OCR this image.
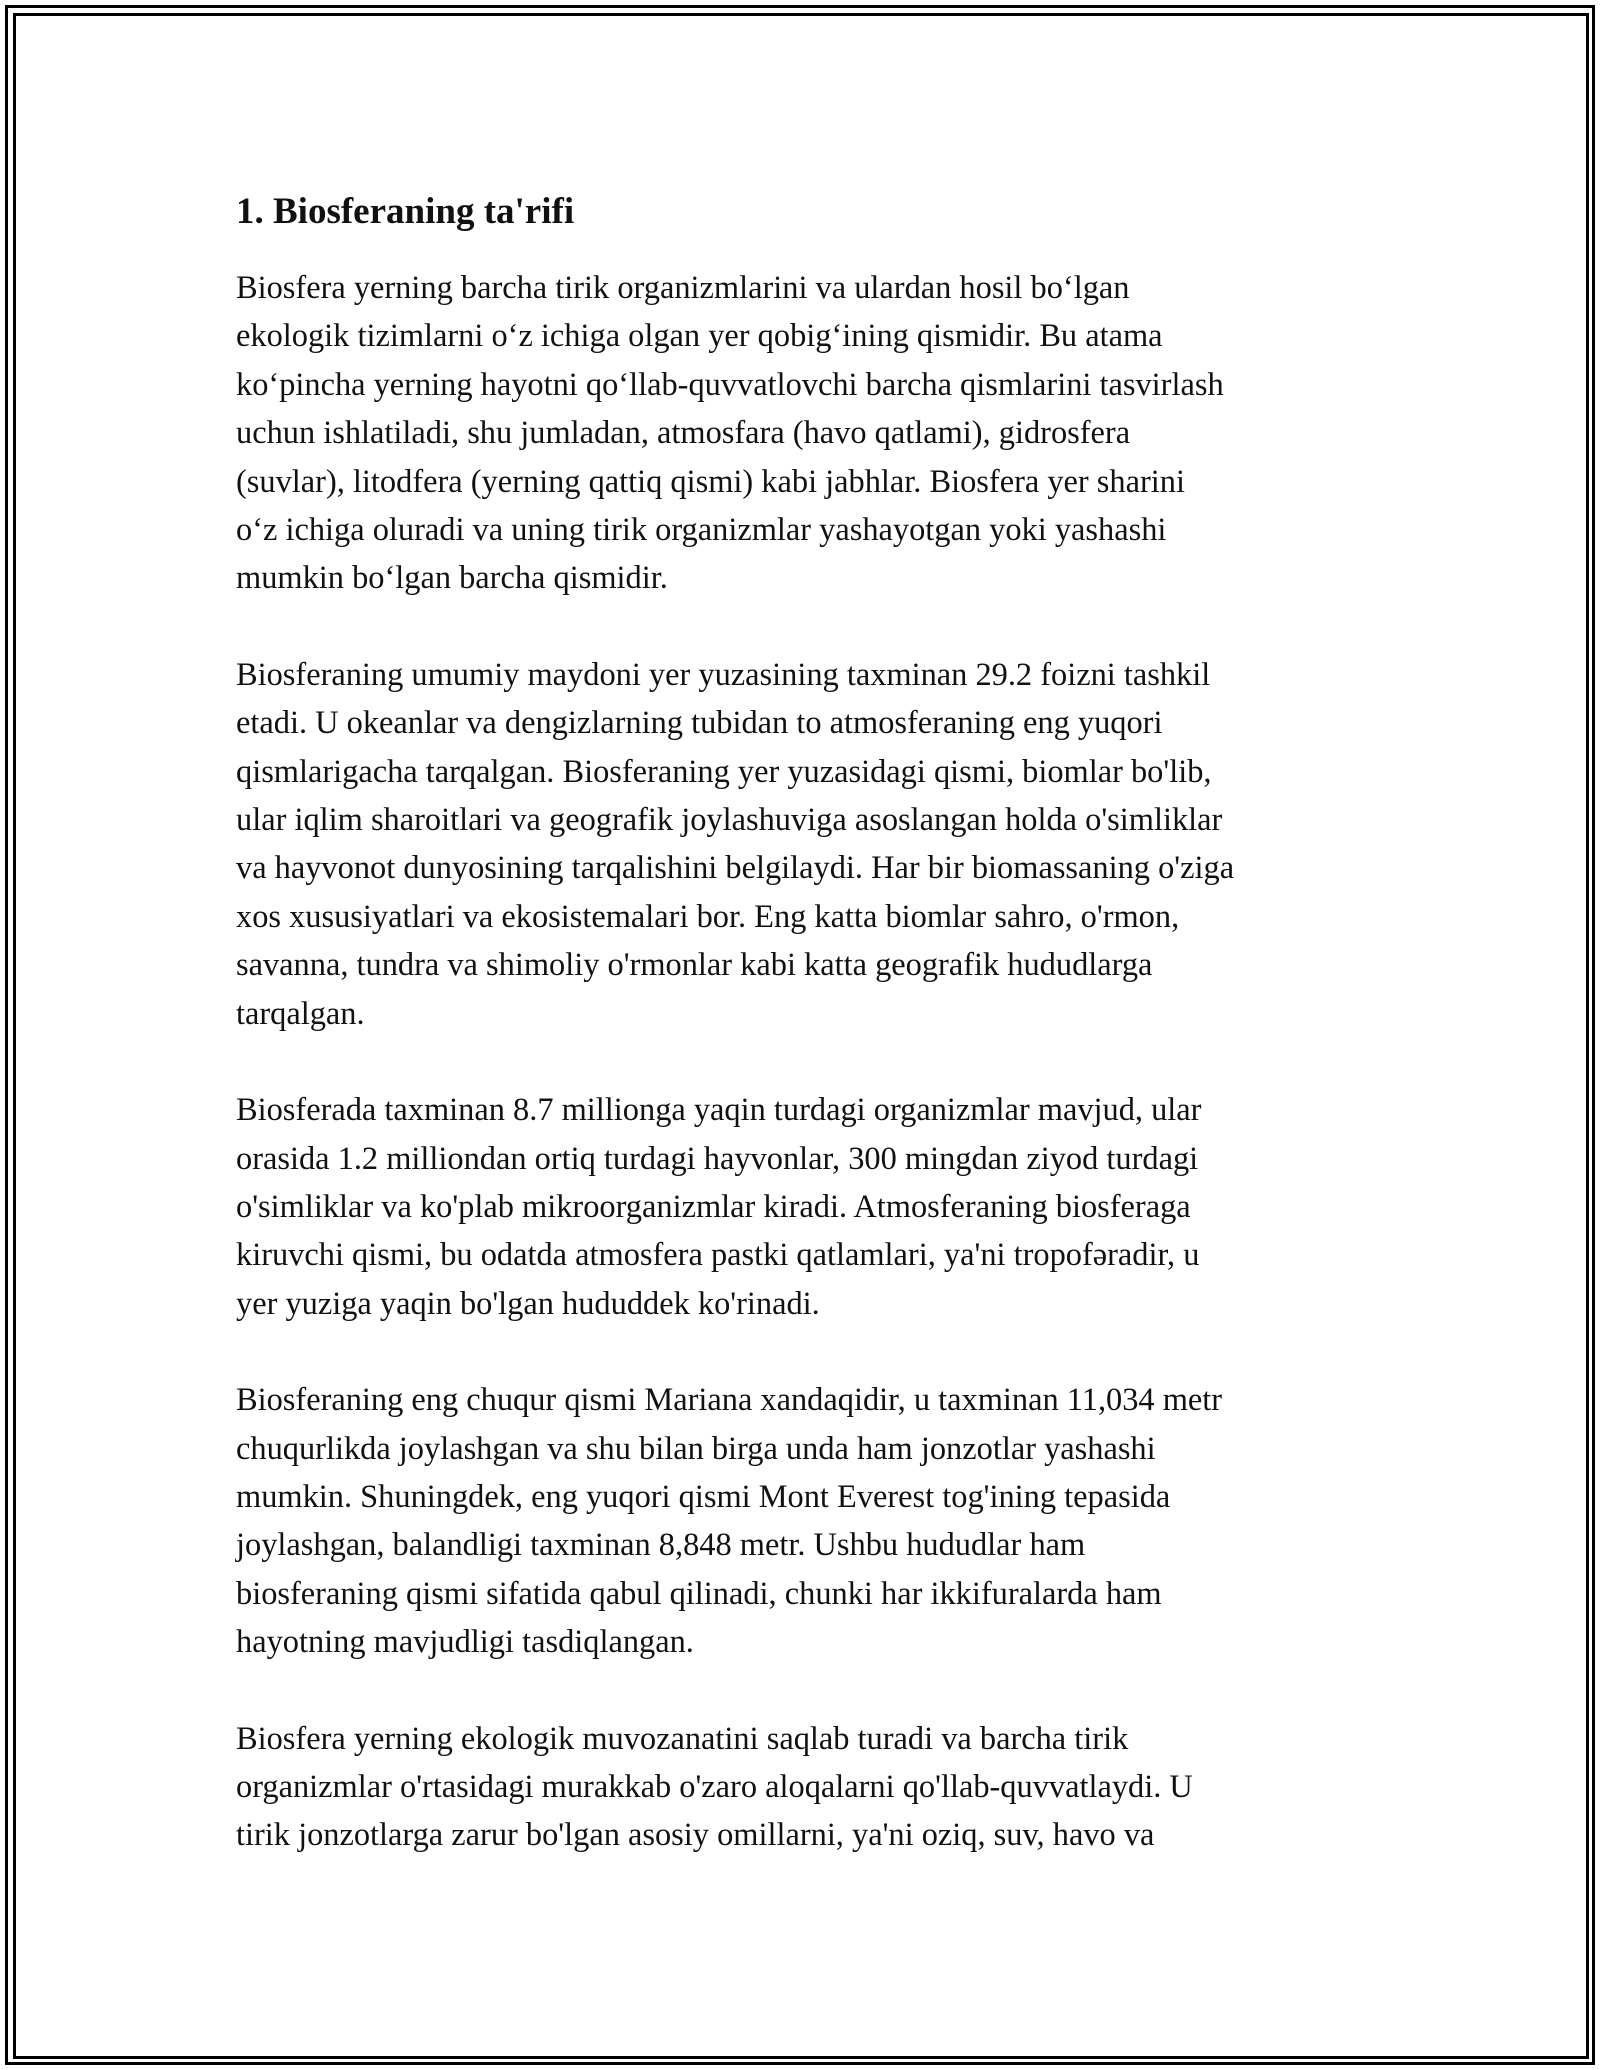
1. Biosferaning ta'rifi

Biosfera yerning barcha tirik organizmlarini va ulardan hosil boʻlgan
ekologik tizimlarni oʻz ichiga olgan yer qobigʻining qismidir. Bu atama
koʻpincha yerning hayotni qoʻllab-quvvatlovchi barcha qismlarini tasvirlash
uchun ishlatiladi, shu jumladan, atmosfara (havo qatlami), gidrosfera
(suvlar), litodfera (yerning qattiq qismi) kabi jabhlar. Biosfera yer sharini
oʻz ichiga oluradi va uning tirik organizmlar yashayotgan yoki yashashi
mumkin boʻlgan barcha qismidir.

Biosferaning umumiy maydoni yer yuzasining taxminan 29.2 foizni tashkil
etadi. U okeanlar va dengizlarning tubidan to atmosferaning eng yuqori
qismlarigacha tarqalgan. Biosferaning yer yuzasidagi qismi, biomlar bo'lib,
ular iqlim sharoitlari va geografik joylashuviga asoslangan holda o'simliklar
va hayvonot dunyosining tarqalishini belgilaydi. Har bir biomassaning o'ziga
xos xususiyatlari va ekosistemalari bor. Eng katta biomlar sahro, o'rmon,
savanna, tundra va shimoliy o'rmonlar kabi katta geografik hududlarga
tarqalgan.

Biosferada taxminan 8.7 millionga yaqin turdagi organizmlar mavjud, ular
orasida 1.2 milliondan ortiq turdagi hayvonlar, 300 mingdan ziyod turdagi
o'simliklar va ko'plab mikroorganizmlar kiradi. Atmosferaning biosferaga
kiruvchi qismi, bu odatda atmosfera pastki qatlamlari, ya'ni tropofəradir, u
yer yuziga yaqin bo'lgan hududdek ko'rinadi.

Biosferaning eng chuqur qismi Mariana xandaqidir, u taxminan 11,034 metr
chuqurlikda joylashgan va shu bilan birga unda ham jonzotlar yashashi
mumkin. Shuningdek, eng yuqori qismi Mont Everest tog'ining tepasida
joylashgan, balandligi taxminan 8,848 metr. Ushbu hududlar ham
biosferaning qismi sifatida qabul qilinadi, chunki har ikkifuralarda ham
hayotning mavjudligi tasdiqlangan.

Biosfera yerning ekologik muvozanatini saqlab turadi va barcha tirik
organizmlar o'rtasidagi murakkab o'zaro aloqalarni qo'llab-quvvatlaydi. U
tirik jonzotlarga zarur bo'lgan asosiy omillarni, ya'ni oziq, suv, havo va
